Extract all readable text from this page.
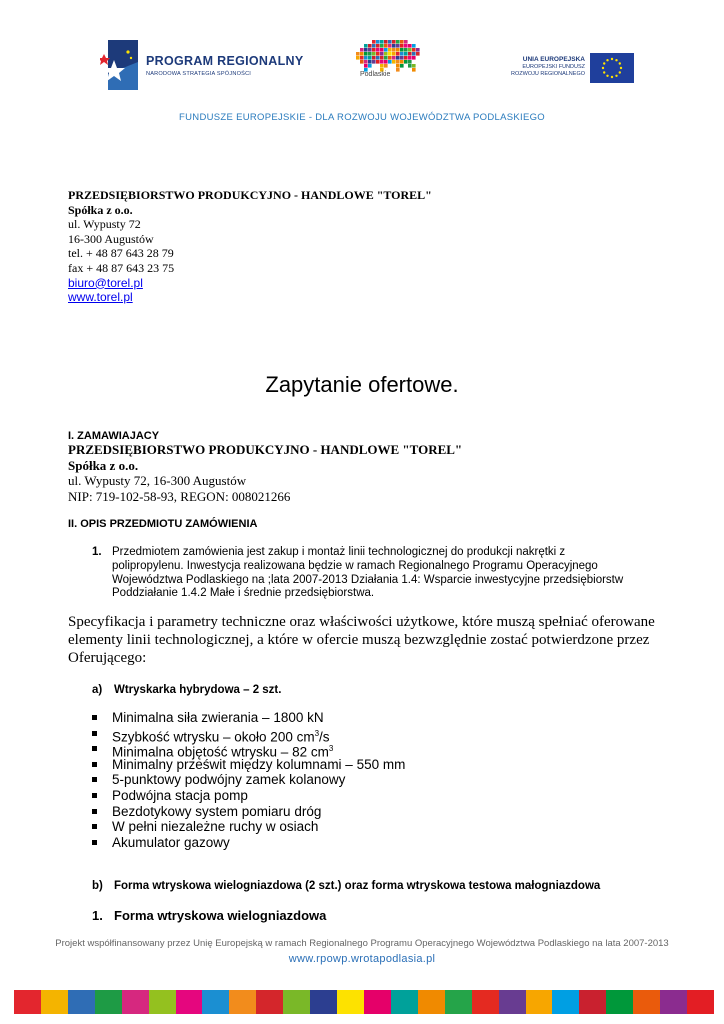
PROGRAM REGIONALNY
NARODOWA STRATEGIA SPÓJNOŚCI	Podlaskie
UNIA EUROPEJSKA
EUROPEJSKI FUNDUSZ
ROZWOJU REGIONALNEGO
FUNDUSZE EUROPEJSKIE - DLA ROZWOJU WOJEWÓDZTWA PODLASKIEGO
PRZEDSIĘBIORSTWO PRODUKCYJNO - HANDLOWE "TOREL"
Spółka z o.o.
ul. Wypusty 72
16-300 Augustów
tel. + 48 87 643 28 79
fax + 48 87 643 23 75
biuro@torel.pl
www.torel.pl
Zapytanie ofertowe.
I. ZAMAWIAJACY
PRZEDSIĘBIORSTWO PRODUKCYJNO - HANDLOWE "TOREL"
Spółka z o.o.
ul. Wypusty 72, 16-300 Augustów
NIP: 719-102-58-93, REGON: 008021266
II. OPIS PRZEDMIOTU ZAMÓWIENIA
1. Przedmiotem zamówienia jest zakup i montaż linii technologicznej do produkcji nakrętki z
polipropylenu. Inwestycja realizowana będzie w ramach Regionalnego Programu Operacyjnego
Województwa Podlaskiego na ;lata 2007-2013 Działania 1.4: Wsparcie inwestycyjne przedsiębiorstw
Poddziałanie 1.4.2 Małe i średnie przedsiębiorstwa.
Specyfikacja i parametry techniczne oraz właściwości użytkowe, które muszą spełniać oferowane
elementy linii technologicznej, a które w ofercie muszą bezwzględnie zostać potwierdzone przez
Oferującego:
a) Wtryskarka hybrydowa – 2 szt.
Minimalna siła zwierania – 1800 kN
Szybkość wtrysku – około 200 $cm^3/s$
Minimalna objętość wtrysku – 82 $cm^3$
Minimalny prześwit między kolumnami – 550 mm
5-punktowy podwójny zamek kolanowy
Podwójna stacja pomp
Bezdotykowy system pomiaru dróg
W pełni niezależne ruchy w osiach
Akumulator gazowy
b) Forma wtryskowa wielogniazdowa (2 szt.) oraz forma wtryskowa testowa małogniazdowa
1. Forma wtryskowa wielogniazdowa
Projekt współfinansowany przez Unię Europejską w ramach Regionalnego Programu Operacyjnego Województwa Podlaskiego na lata 2007-2013
www.rpowp.wrotapodlasia.pl
